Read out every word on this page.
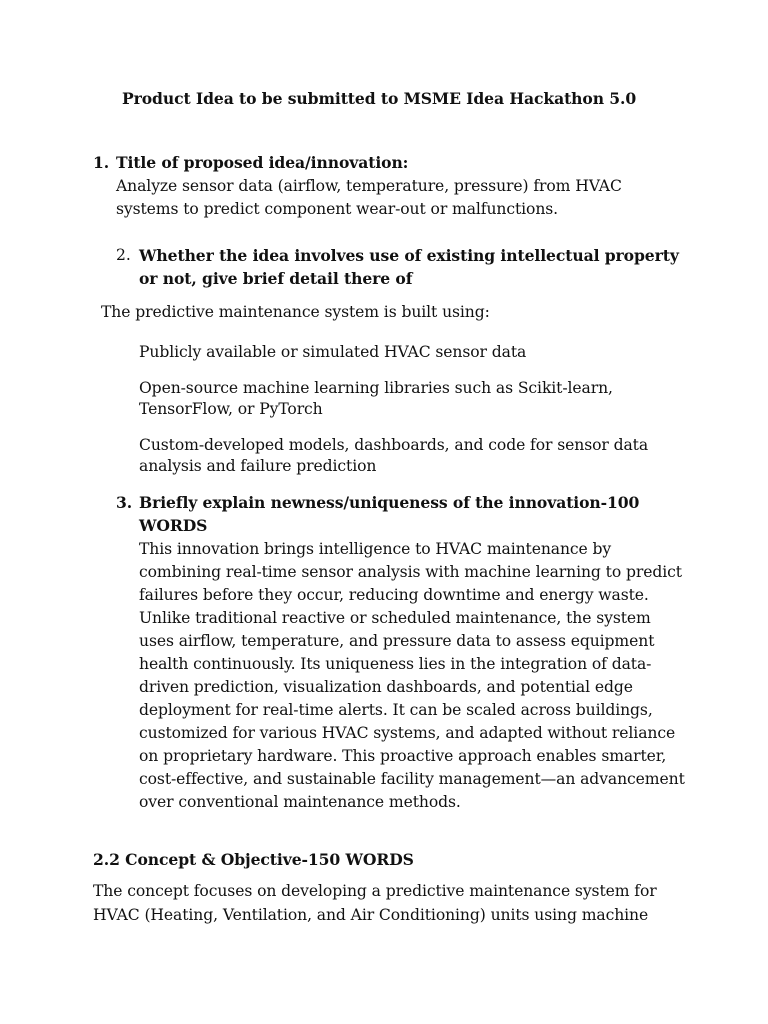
Product Idea to be submitted to MSME Idea Hackathon 5.0
1. Title of proposed idea/innovation:
Analyze sensor data (airflow, temperature, pressure) from HVAC
systems to predict component wear-out or malfunctions.
2. Whether the idea involves use of existing intellectual property
or not, give brief detail there of
The predictive maintenance system is built using:
Publicly available or simulated HVAC sensor data
Open-source machine learning libraries such as Scikit-learn,
TensorFlow, or PyTorch
Custom-developed models, dashboards, and code for sensor data
analysis and failure prediction
3. Briefly explain newness/uniqueness of the innovation-100
WORDS
This innovation brings intelligence to HVAC maintenance by
combining real-time sensor analysis with machine learning to predict
failures before they occur, reducing downtime and energy waste.
Unlike traditional reactive or scheduled maintenance, the system
uses airflow, temperature, and pressure data to assess equipment
health continuously. Its uniqueness lies in the integration of data-
driven prediction, visualization dashboards, and potential edge
deployment for real-time alerts. It can be scaled across buildings,
customized for various HVAC systems, and adapted without reliance
on proprietary hardware. This proactive approach enables smarter,
cost-effective, and sustainable facility management—an advancement
over conventional maintenance methods.
2.2 Concept & Objective-150 WORDS
The concept focuses on developing a predictive maintenance system for
HVAC (Heating, Ventilation, and Air Conditioning) units using machine
